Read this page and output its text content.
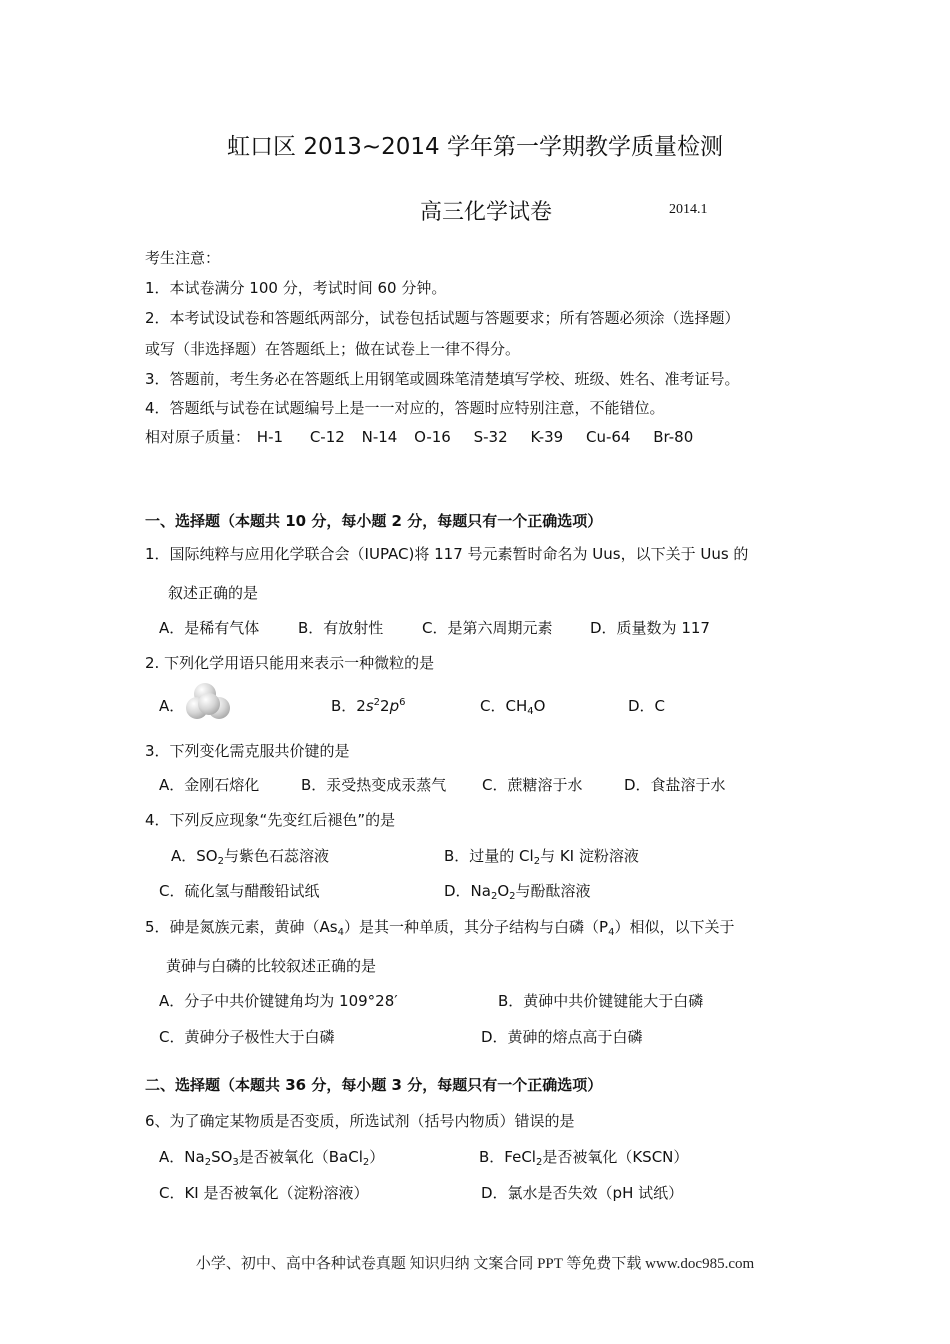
虹口区 2013~2014 学年第一学期教学质量检测
高三化学试卷	2014.1
考生注意：
1．本试卷满分 100 分，考试时间 60 分钟。
2．本考试设试卷和答题纸两部分，试卷包括试题与答题要求；所有答题必须涂（选择题）
或写（非选择题）在答题纸上；做在试卷上一律不得分。
3．答题前，考生务必在答题纸上用钢笔或圆珠笔清楚填写学校、班级、姓名、准考证号。
4．答题纸与试卷在试题编号上是一一对应的，答题时应特别注意，不能错位。
相对原子质量： H-1 C-12 N-14 O-16 S-32 K-39 Cu-64 Br-80
一、选择题（本题共 10 分，每小题 2 分，每题只有一个正确选项）
1．国际纯粹与应用化学联合会（IUPAC)将 117 号元素暂时命名为 Uus，以下关于 Uus 的
叙述正确的是
A．是稀有气体	B．有放射性	C．是第六周期元素	D．质量数为 117
2. 下列化学用语只能用来表示一种微粒的是
A．	B．$2s^22p^6$	C．$CH_4O$	D．C
3．下列变化需克服共价键的是
A．金刚石熔化	B．汞受热变成汞蒸气 C．蔗糖溶于水	D．食盐溶于水
4．下列反应现象“先变红后褪色”的是
A．$SO_2$与紫色石蕊溶液	B．过量的 $Cl_2$与 KI 淀粉溶液
C．硫化氢与醋酸铅试纸	D．$Na_2O_2$与酚酞溶液
5．砷是氮族元素，黄砷$(As_4)$是其一种单质，其分子结构与白磷$(P_4)$相似，以下关于
黄砷与白磷的比较叙述正确的是
A．分子中共价键键角均为 109°28′	B．黄砷中共价键键能大于白磷
C．黄砷分子极性大于白磷	D．黄砷的熔点高于白磷
二、选择题（本题共 36 分，每小题 3 分，每题只有一个正确选项）
6、为了确定某物质是否变质，所选试剂（括号内物质）错误的是
A．$Na_2SO_3$是否被氧化（BaCl$_2$）	B．FeCl$_2$是否被氧化（KSCN）
C．KI 是否被氧化（淀粉溶液）	D．氯水是否失效（pH 试纸）
小学、初中、高中各种试卷真题 知识归纳 文案合同 PPT 等免费下载 www.doc985.com
